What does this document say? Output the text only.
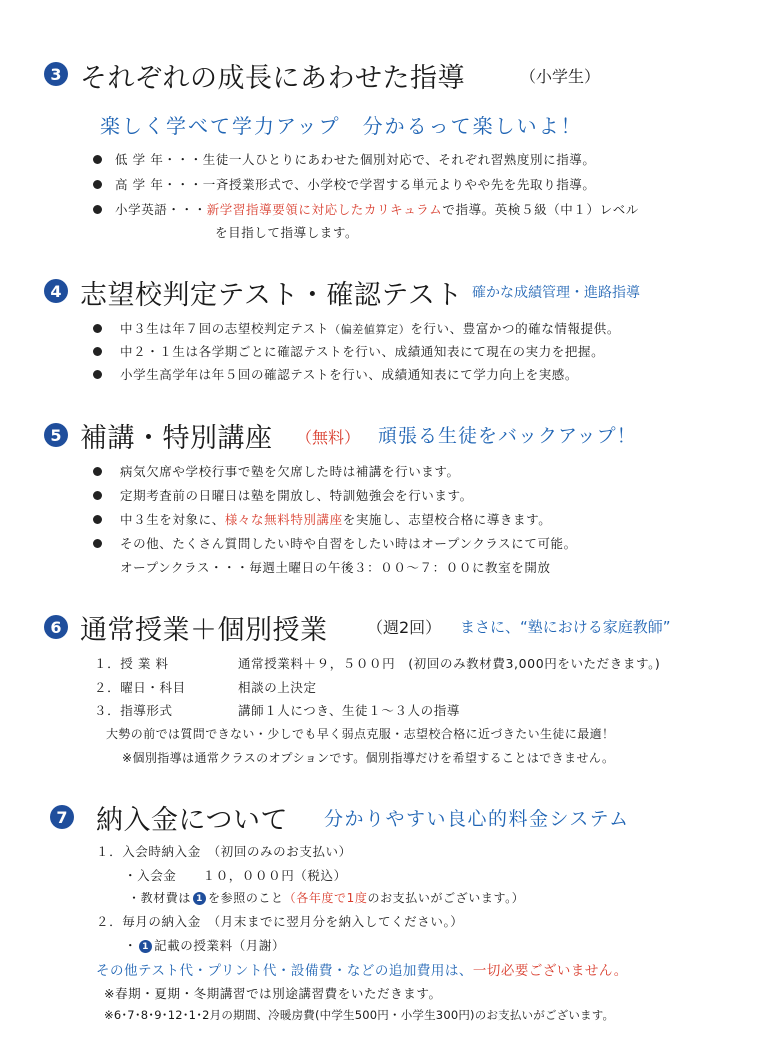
3 それぞれの成長にあわせた指導	（小学生）
楽しく学べて学力アップ　分かるって楽しいよ！
低 学 年・・・生徒一人ひとりにあわせた個別対応で、それぞれ習熟度別に指導。
高 学 年・・・一斉授業形式で、小学校で学習する単元よりやや先を先取り指導。
小学英語・・・新学習指導要領に対応したカリキュラムで指導。英検５級（中１）レベル
を目指して指導します。
4 志望校判定テスト・確認テスト 確かな成績管理・進路指導
中３生は年７回の志望校判定テスト（偏差値算定）を行い、豊富かつ的確な情報提供。
中２・１生は各学期ごとに確認テストを行い、成績通知表にて現在の実力を把握。
小学生高学年は年５回の確認テストを行い、成績通知表にて学力向上を実感。
5 補講・特別講座 （無料） 頑張る生徒をバックアップ！
病気欠席や学校行事で塾を欠席した時は補講を行います。
定期考査前の日曜日は塾を開放し、特訓勉強会を行います。
中３生を対象に、様々な無料特別講座を実施し、志望校合格に導きます。
その他、たくさん質問したい時や自習をしたい時はオープンクラスにて可能。
オープンクラス・・・毎週土曜日の午後３：００～７：００に教室を開放
6 通常授業＋個別授業 （週2回） まさに、“塾における家庭教師”
１．授 業 料	通常授業料＋９，５００円　(初回のみ教材費3,000円をいただきます。)
２．曜日・科目	相談の上決定
３．指導形式	講師１人につき、生徒１～３人の指導
大勢の前では質問できない・少しでも早く弱点克服・志望校合格に近づきたい生徒に最適！
※個別指導は通常クラスのオプションです。個別指導だけを希望することはできません。
7 納入金について 分かりやすい良心的料金システム
１．入会時納入金　（初回のみのお支払い）
・入会金　　１０，０００円（税込）
・教材費は 1 を参照のこと（各年度で1度のお支払いがございます。）
２．毎月の納入金　（月末までに翌月分を納入してください。）
・ 1 記載の授業料（月謝）
その他テスト代・プリント代・設備費・などの追加費用は、一切必要ございません。
※春期・夏期・冬期講習では別途講習費をいただきます。
※6･7･8･9･12･1･2月の期間、冷暖房費(中学生500円・小学生300円)のお支払いがございます。
